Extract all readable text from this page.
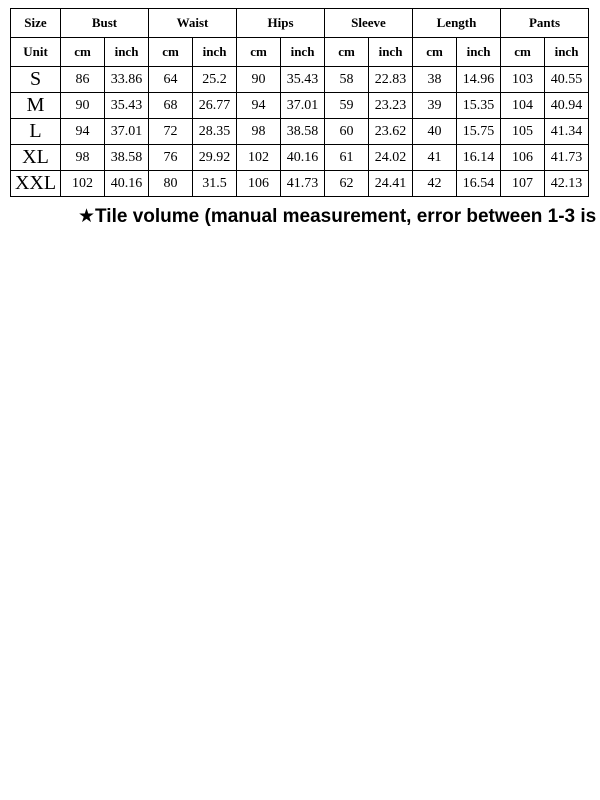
Size	Bust		Waist		Hips		Sleeve		Length		Pants	
Unit	cm	inch	cm	inch	cm	inch	cm	inch	cm	inch	cm	inch
S	86	33.86	64	25.2	90	35.43	58	22.83	38	14.96	103	40.55
M	90	35.43	68	26.77	94	37.01	59	23.23	39	15.35	104	40.94
L	94	37.01	72	28.35	98	38.58	60	23.62	40	15.75	105	41.34
XL	98	38.58	76	29.92	102	40.16	61	24.02	41	16.14	106	41.73
XXL	102	40.16	80	31.5	106	41.73	62	24.41	42	16.54	107	42.13
★Tile volume (manual measurement, error between 1-3 is
